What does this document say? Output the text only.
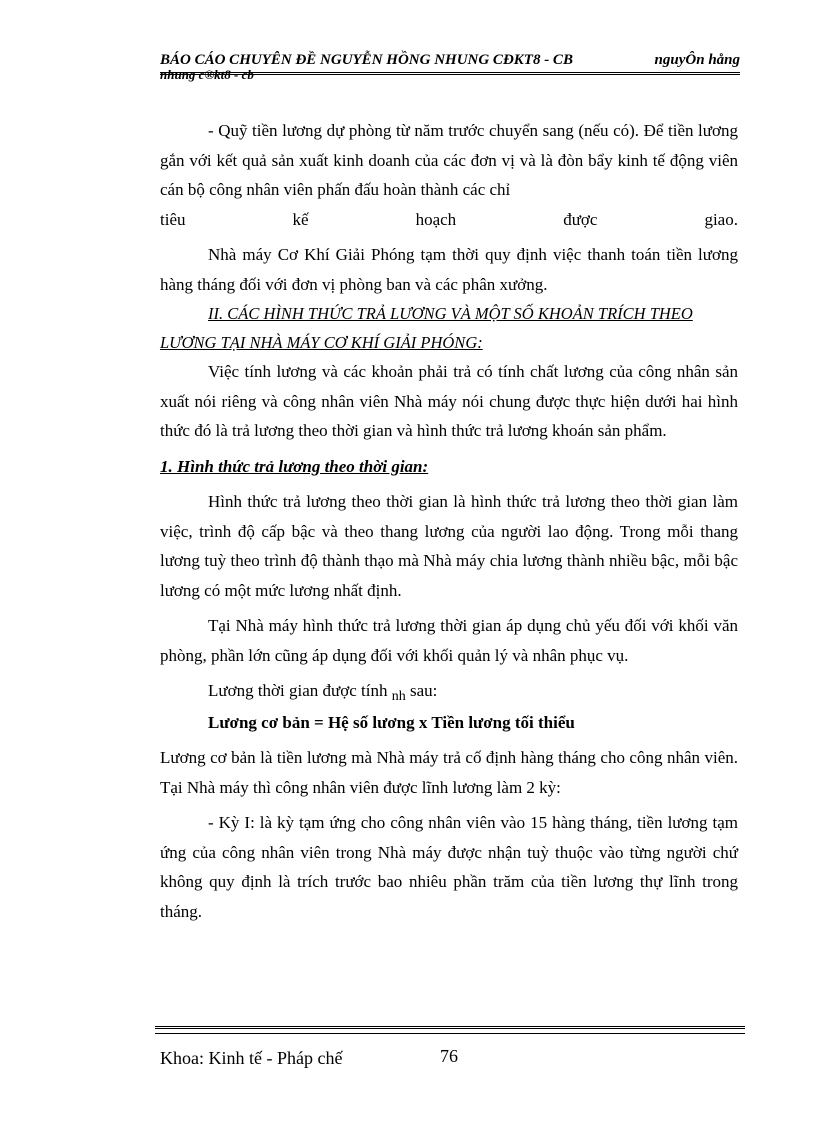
BÁO CÁO CHUYÊN ĐỀ NGUYỄN HỒNG NHUNG CĐKT8 - CB	nguyÔn hång
nhung c®kt8 - cb

- Quỹ tiền lương dự phòng từ năm trước chuyển sang (nếu có). Để tiền lương gắn với kết quả sản xuất kinh doanh của các đơn vị và là đòn bẩy kinh tế động viên cán bộ công nhân viên phấn đấu hoàn thành các chỉ

tiêu	kế	hoạch	được	giao.

Nhà máy Cơ Khí Giải Phóng tạm thời quy định việc thanh toán tiền lương hàng tháng đối với đơn vị phòng ban và các phân xưởng.

II. CÁC HÌNH THỨC TRẢ LƯƠNG VÀ MỘT SỐ KHOẢN TRÍCH THEO
LƯƠNG TẠI NHÀ MÁY CƠ KHÍ GIẢI PHÓNG:

Việc tính lương và các khoản phải trả có tính chất lương của công nhân sản xuất nói riêng và công nhân viên Nhà máy nói chung được thực hiện dưới hai hình thức đó là trả lương theo thời gian và hình thức trả lương khoán sản phẩm.

1. Hình thức trả lương theo thời gian:

Hình thức trả lương theo thời gian là hình thức trả lương theo thời gian làm việc, trình độ cấp bậc và theo thang lương của người lao động. Trong mỗi thang lương tuỳ theo trình độ thành thạo mà Nhà máy chia lương thành nhiều bậc, mỗi bậc lương có một mức lương nhất định.

Tại Nhà máy hình thức trả lương thời gian áp dụng chủ yếu đối với khối văn phòng, phần lớn cũng áp dụng đối với khối quản lý và nhân phục vụ.

Lương thời gian được tính $_{nh}$ sau:

Lương cơ bản = Hệ số lương x Tiền lương tối thiểu

Lương cơ bản là tiền lương mà Nhà máy trả cố định hàng tháng cho công nhân viên. Tại Nhà máy thì công nhân viên được lĩnh lương làm 2 kỳ:

- Kỳ I: là kỳ tạm ứng cho công nhân viên vào 15 hàng tháng, tiền lương tạm ứng của công nhân viên trong Nhà máy được nhận tuỳ thuộc vào từng người chứ không quy định là trích trước bao nhiêu phần trăm của tiền lương thự lĩnh trong tháng.

Khoa: Kinh tế - Pháp chế	76
